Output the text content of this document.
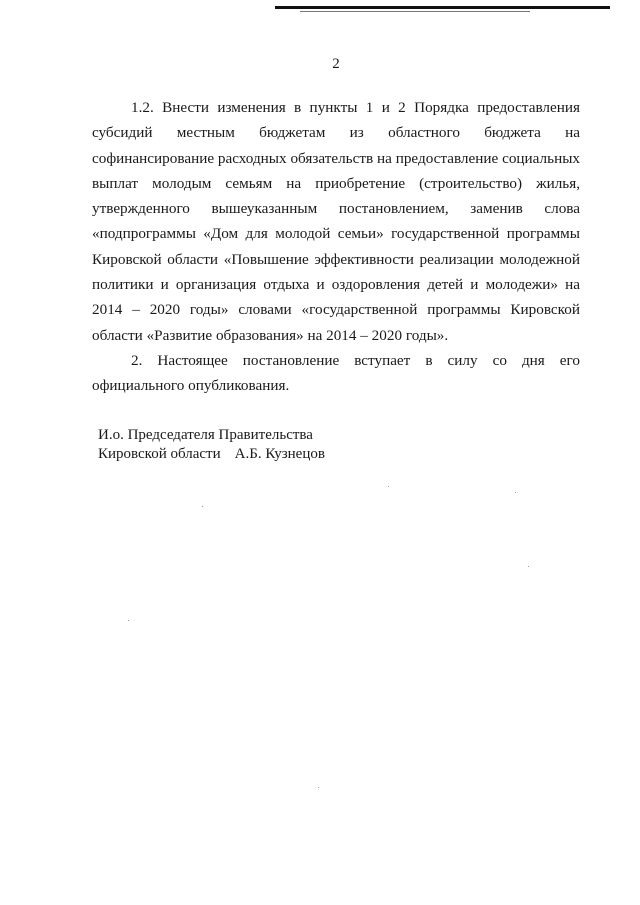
2

1.2. Внести изменения в пункты 1 и 2 Порядка предоставления субсидий местным бюджетам из областного бюджета на софинансирование расходных обязательств на предоставление социальных выплат молодым семьям на приобретение (строительство) жилья, утвержденного вышеуказанным постановлением, заменив слова «подпрограммы «Дом для молодой семьи» государственной программы Кировской области «Повышение эффективности реализации молодежной политики и организация отдыха и оздоровления детей и молодежи» на 2014 – 2020 годы» словами «государственной программы Кировской области «Развитие образования» на 2014 – 2020 годы».

2. Настоящее постановление вступает в силу со дня его официального опубликования.

И.о. Председателя Правительства
Кировской области А.Б. Кузнецов
